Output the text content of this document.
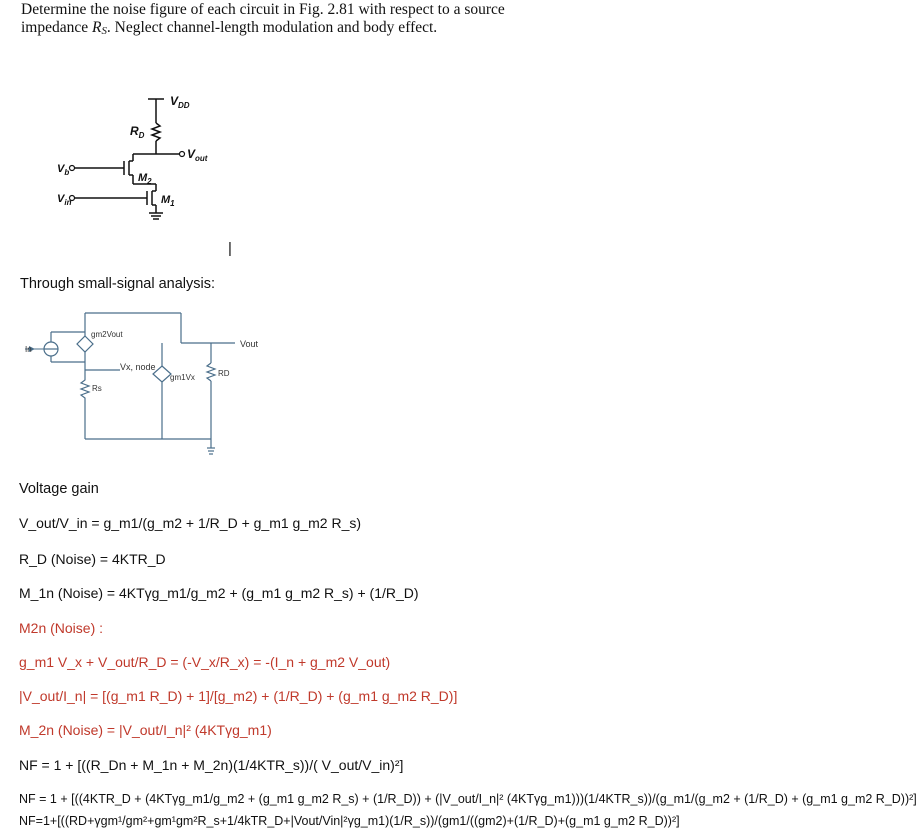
Determine the noise figure of each circuit in Fig. 2.81 with respect to a source
impedance RS. Neglect channel-length modulation and body effect.
$V_{DD}$
$R_D$
$V_{out}$
$V_b$	$M_2$
$V_{in}$	$M_1$
|
Through small-signal analysis:
In
gm2Vout
Vx, node
gm1Vx
Rs
RD
Vout
Voltage gain
V_out/V_in = g_m1/(g_m2 + 1/R_D + g_m1 g_m2 R_s)
R_D (Noise) = 4KTR_D
M_1n (Noise) = 4KTγg_m1/g_m2 + (g_m1 g_m2 R_s) + (1/R_D)
M2n (Noise) :
g_m1 V_x + V_out/R_D = (-V_x/R_x) = -(I_n + g_m2 V_out)
|V_out/I_n| = [(g_m1 R_D) + 1]/[g_m2) + (1/R_D) + (g_m1 g_m2 R_D)]
M_2n (Noise) = |V_out/I_n|² (4KTγg_m1)
NF = 1 + [((R_Dn + M_1n + M_2n)(1/4KTR_s))/( V_out/V_in)²]
NF = 1 + [((4KTR_D + (4KTγg_m1/g_m2 + (g_m1 g_m2 R_s) + (1/R_D)) + (|V_out/I_n|² (4KTγg_m1)))(1/4KTR_s))/(g_m1/(g_m2 + (1/R_D) + (g_m1 g_m2 R_D))²]
NF=1+[((RD+γgm¹/gm²+gm¹gm²R_s+1/4kTR_D+|Vout/Vin|²γg_m1)(1/R_s))/(gm1/((gm2)+(1/R_D)+(g_m1 g_m2 R_D))²]
